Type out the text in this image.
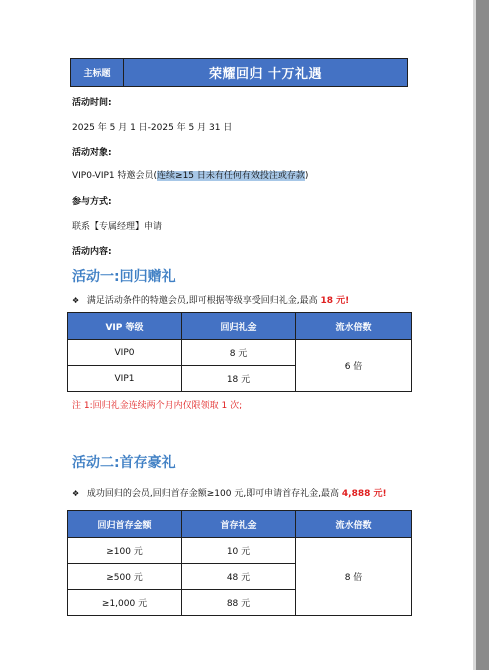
主标题	荣耀回归 十万礼遇
活动时间:
2025 年 5 月 1 日-2025 年 5 月 31 日
活动对象:
VIP0-VIP1 特邀会员(连续≥15 日未有任何有效投注或存款)
参与方式:
联系【专属经理】申请
活动内容:
活动一:回归赠礼
❖ 满足活动条件的特邀会员,即可根据等级享受回归礼金,最高 18 元!
VIP 等级	回归礼金	流水倍数
VIP0	8 元	6 倍
VIP1	18 元	
注 1:回归礼金连续两个月内仅限领取 1 次;
活动二:首存豪礼
❖ 成功回归的会员,回归首存金额≥100 元,即可申请首存礼金,最高 4,888 元!
回归首存金额	首存礼金	流水倍数
≥100 元	10 元	8 倍
≥500 元	48 元	
≥1,000 元	88 元	
